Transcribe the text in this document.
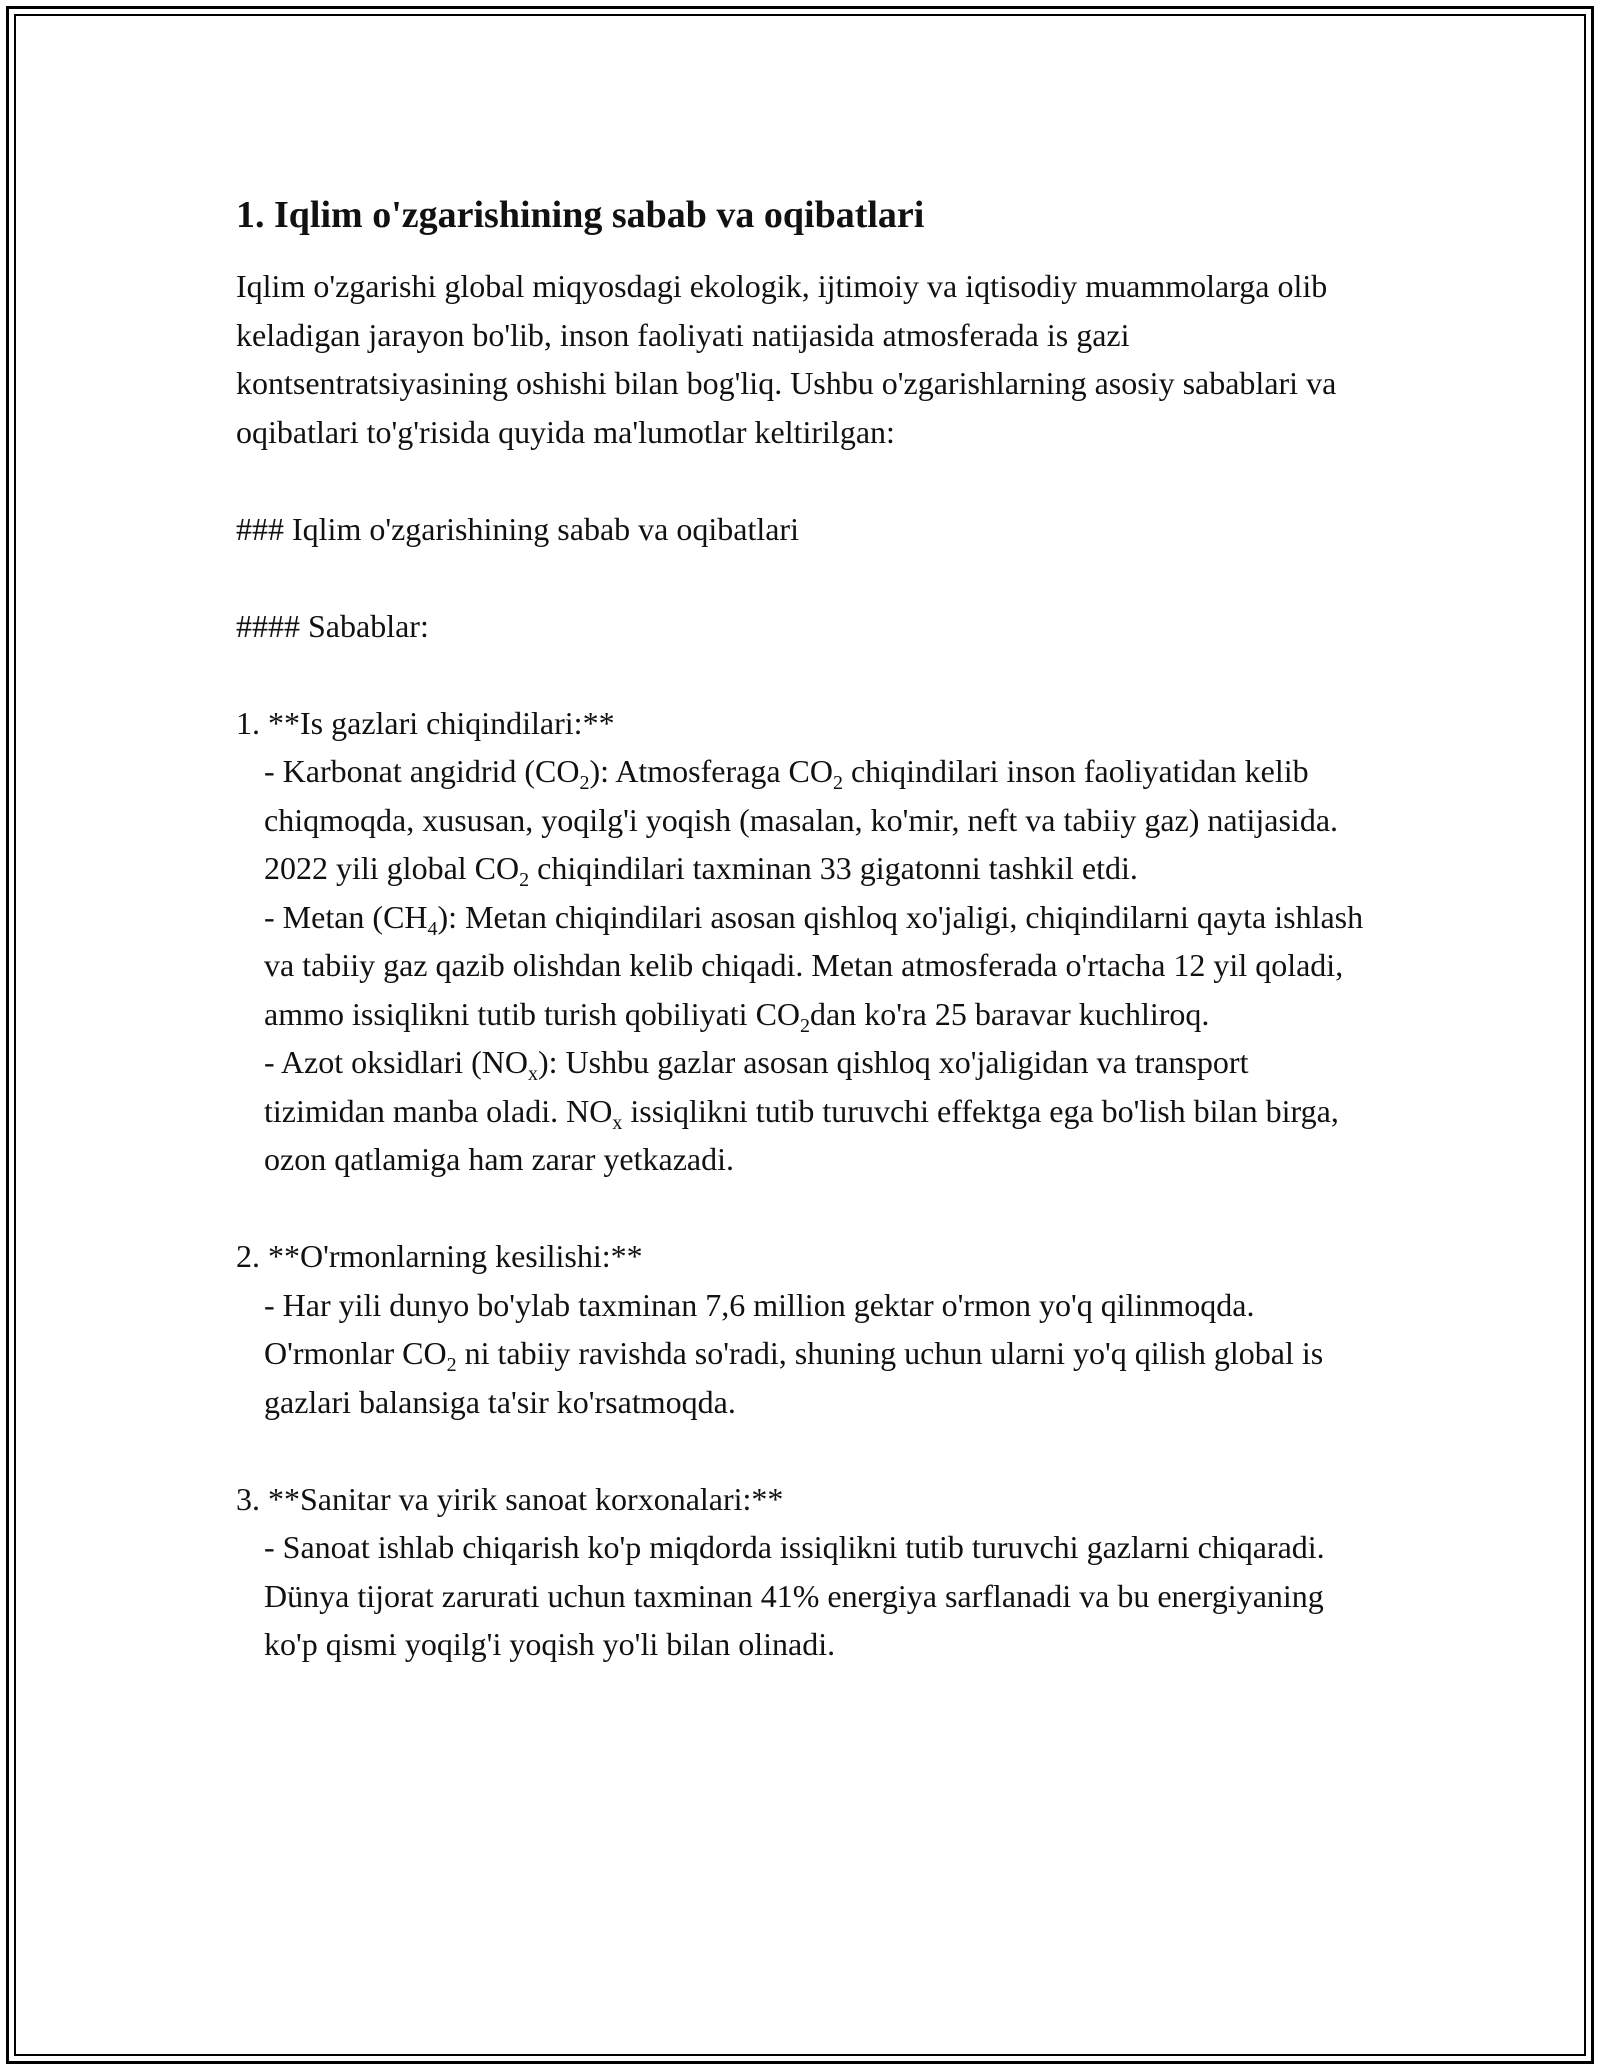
1. Iqlim o'zgarishining sabab va oqibatlari

Iqlim o'zgarishi global miqyosdagi ekologik, ijtimoiy va iqtisodiy muammolarga olib keladigan jarayon bo'lib, inson faoliyati natijasida atmosferada is gazi kontsentratsiyasining oshishi bilan bog'liq. Ushbu o'zgarishlarning asosiy sabablari va oqibatlari to'g'risida quyida ma'lumotlar keltirilgan:

### Iqlim o'zgarishining sabab va oqibatlari

#### Sabablar:

1. **Is gazlari chiqindilari:**

- Karbonat angidrid $(CO_2)$: Atmosferaga $CO_2$ chiqindilari inson faoliyatidan kelib chiqmoqda, xususan, yoqilg'i yoqish (masalan, ko'mir, neft va tabiiy gaz) natijasida. 2022 yili global $CO_2$ chiqindilari taxminan 33 gigatonni tashkil etdi.

- Metan $(CH_4)$: Metan chiqindilari asosan qishloq xo'jaligi, chiqindilarni qayta ishlash va tabiiy gaz qazib olishdan kelib chiqadi. Metan atmosferada o'rtacha 12 yil qoladi, ammo issiqlikni tutib turish qobiliyati $CO_2dan$ ko'ra 25 baravar kuchliroq.

- Azot oksidlari $(NO_x)$: Ushbu gazlar asosan qishloq xo'jaligidan va transport tizimidan manba oladi. $NO_x$ issiqlikni tutib turuvchi effektga ega bo'lish bilan birga, ozon qatlamiga ham zarar yetkazadi.

2. **O'rmonlarning kesilishi:**

- Har yili dunyo bo'ylab taxminan 7,6 million gektar o'rmon yo'q qilinmoqda. O'rmonlar $CO_2$ ni tabiiy ravishda so'radi, shuning uchun ularni yo'q qilish global is gazlari balansiga ta'sir ko'rsatmoqda.

3. **Sanitar va yirik sanoat korxonalari:**

- Sanoat ishlab chiqarish ko'p miqdorda issiqlikni tutib turuvchi gazlarni chiqaradi. Dünya tijorat zarurati uchun taxminan 41% energiya sarflanadi va bu energiyaning ko'p qismi yoqilg'i yoqish yo'li bilan olinadi.
